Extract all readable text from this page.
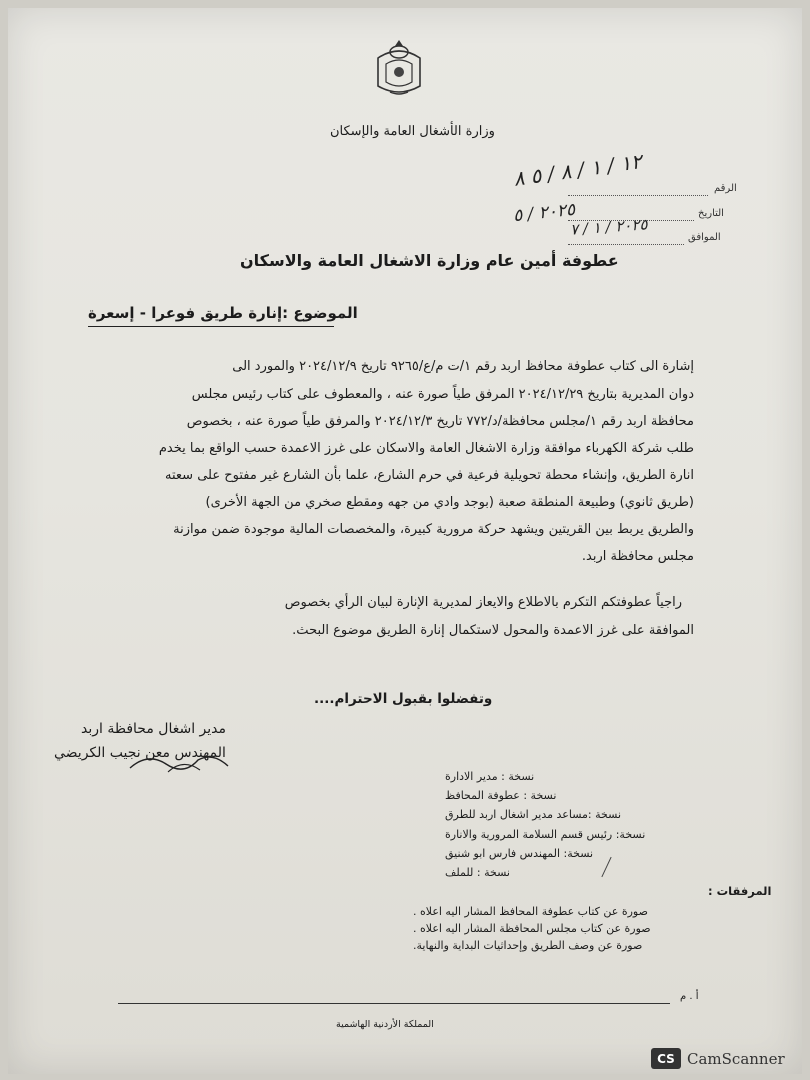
وزارة الأشغال العامة والإسكان
الرقم
١٢ / ١ / ٨ / ٥ ٨
التاريخ
٢٠٢٥ / ٥
الموافق
٢٠٢٥ / ١ / ٧
عطوفة أمين عام وزارة الاشغال العامة والاسكان
الموضوع :إنارة طريق فوعرا - إسعرة
إشارة الى كتاب عطوفة محافظ اربد رقم ١/ت م/ع/٩٢٦٥ تاريخ ٢٠٢٤/١٢/٩ والمورد الى
دوان المديرية بتاريخ ٢٠٢٤/١٢/٢٩ المرفق طياً صورة عنه ، والمعطوف على كتاب رئيس مجلس
محافظة اربد رقم ١/مجلس محافظة/د/٧٧٢ تاريخ ٢٠٢٤/١٢/٣ والمرفق طياً صورة عنه ، بخصوص
طلب شركة الكهرباء موافقة وزارة الاشغال العامة والاسكان على غرز الاعمدة حسب الواقع بما يخدم
انارة الطريق، وإنشاء محطة تحويلية فرعية في حرم الشارع، علما بأن الشارع غير مفتوح على سعته
(طريق ثانوي) وطبيعة المنطقة صعبة (بوجد وادي من جهه ومقطع صخري من الجهة الأخرى)
والطريق يربط بين القريتين ويشهد حركة مرورية كبيرة، والمخصصات المالية موجودة ضمن موازنة
مجلس محافظة اربد.
راجياً عطوفتكم التكرم بالاطلاع والايعاز لمديرية الإنارة لبيان الرأي بخصوص
الموافقة على غرز الاعمدة والمحول لاستكمال إنارة الطريق موضوع البحث.
وتفضلوا بقبول الاحترام....
مدير اشغال محافظة اربد
المهندس معن نجيب الكريضي
نسخة : مدير الادارة
نسخة : عطوفة المحافظ
نسخة :مساعد مدير اشغال اربد للطرق
نسخة: رئيس قسم السلامة المرورية والانارة
نسخة: المهندس فارس ابو شنيق
نسخة : للملف
المرفقات :
صورة عن كتاب عطوفة المحافظ المشار اليه اعلاه .
صورة عن كتاب مجلس المحافظة المشار اليه اعلاه .
صورة عن وصف الطريق وإحداثيات البداية والنهاية.
أ . م
المملكة الأردنية الهاشمية
CS CamScanner
